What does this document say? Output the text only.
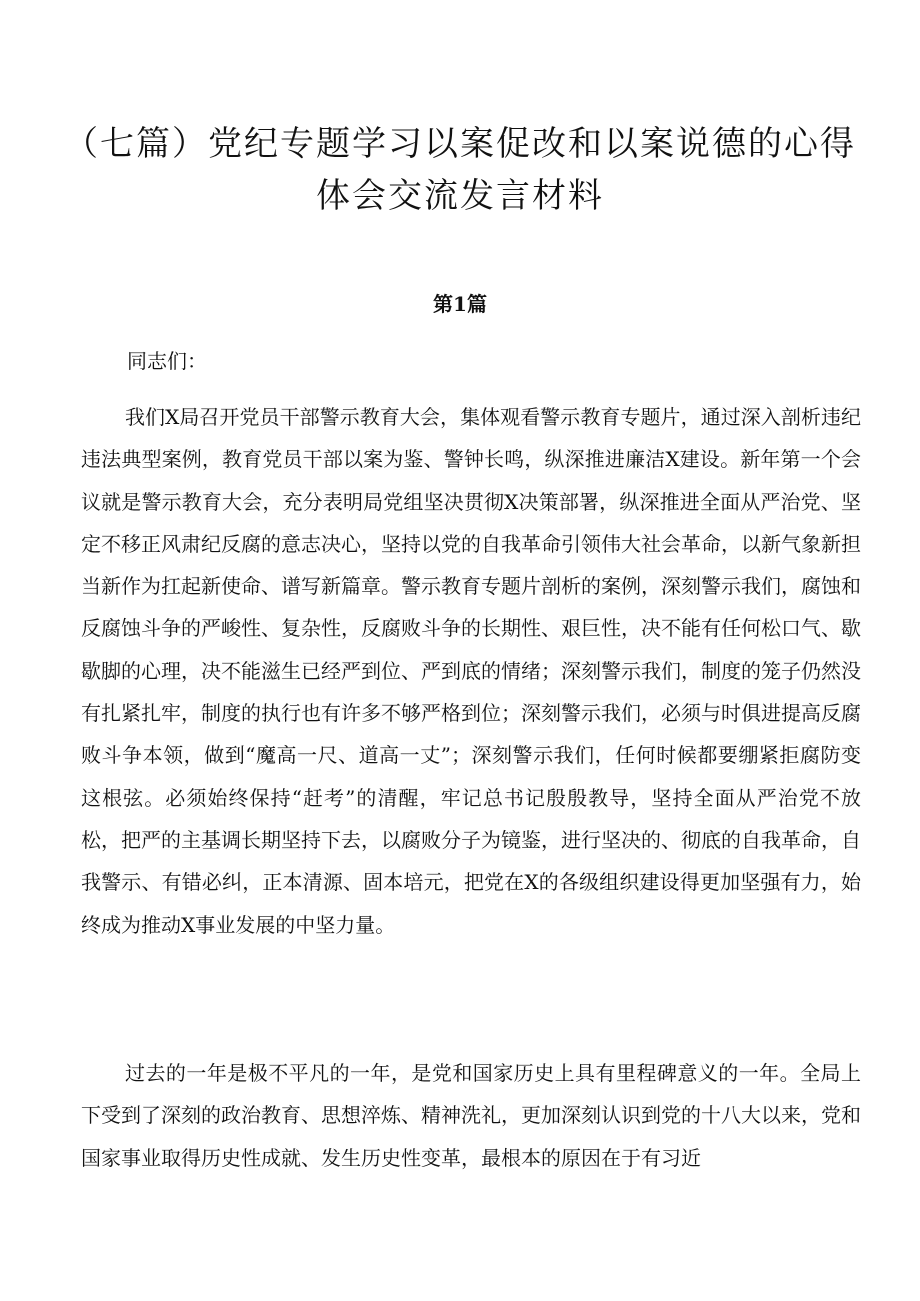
（七篇）党纪专题学习以案促改和以案说德的心得
体会交流发言材料
第1篇
同志们：

我们X局召开党员干部警示教育大会，集体观看警示教育专题片，通过深入剖析违纪违法典型案例，教育党员干部以案为鉴、警钟长鸣，纵深推进廉洁X建设。新年第一个会议就是警示教育大会，充分表明局党组坚决贯彻X决策部署，纵深推进全面从严治党、坚定不移正风肃纪反腐的意志决心，坚持以党的自我革命引领伟大社会革命，以新气象新担当新作为扛起新使命、谱写新篇章。警示教育专题片剖析的案例，深刻警示我们，腐蚀和反腐蚀斗争的严峻性、复杂性，反腐败斗争的长期性、艰巨性，决不能有任何松口气、歇歇脚的心理，决不能滋生已经严到位、严到底的情绪；深刻警示我们，制度的笼子仍然没有扎紧扎牢，制度的执行也有许多不够严格到位；深刻警示我们，必须与时俱进提高反腐败斗争本领，做到“魔高一尺、道高一丈”；深刻警示我们，任何时候都要绷紧拒腐防变这根弦。必须始终保持“赶考”的清醒，牢记总书记殷殷教导，坚持全面从严治党不放松，把严的主基调长期坚持下去，以腐败分子为镜鉴，进行坚决的、彻底的自我革命，自我警示、有错必纠，正本清源、固本培元，把党在X的各级组织建设得更加坚强有力，始终成为推动X事业发展的中坚力量。

过去的一年是极不平凡的一年，是党和国家历史上具有里程碑意义的一年。全局上下受到了深刻的政治教育、思想淬炼、精神洗礼，更加深刻认识到党的十八大以来，党和国家事业取得历史性成就、发生历史性变革，最根本的原因在于有习近
